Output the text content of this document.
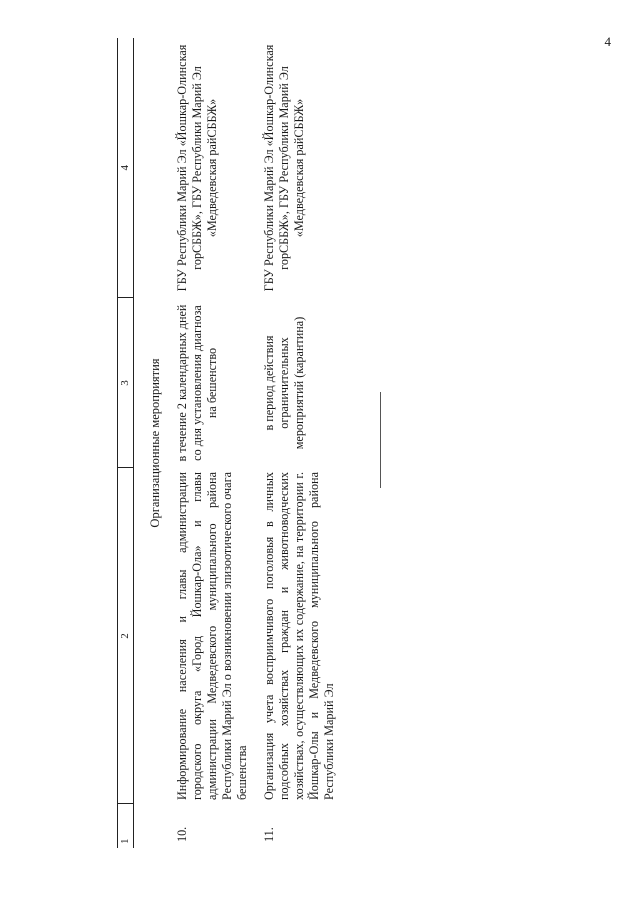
4
1	2	3	4
Организационные мероприятия			
10.	Информирование населения и главы администрации городского округа «Город Йошкар-Ола» и главы администрации Медведевского муниципального района Республики Марий Эл о возникновении эпизоотического очага бешенства	в течение 2 календарных дней со дня установления диагноза на бешенство	ГБУ Республики Марий Эл «Йошкар-Олинская горСББЖ», ГБУ Республики Марий Эл «Медведевская райСББЖ»
11.	Организация учета восприимчивого поголовья в личных подсобных хозяйствах граждан и животноводческих хозяйствах, осуществляющих их содержание, на территории г. Йошкар-Олы и Медведевского муниципального района Республики Марий Эл	в период действия ограничительных мероприятий (карантина)	ГБУ Республики Марий Эл «Йошкар-Олинская горСББЖ», ГБУ Республики Марий Эл «Медведевская райСББЖ»
